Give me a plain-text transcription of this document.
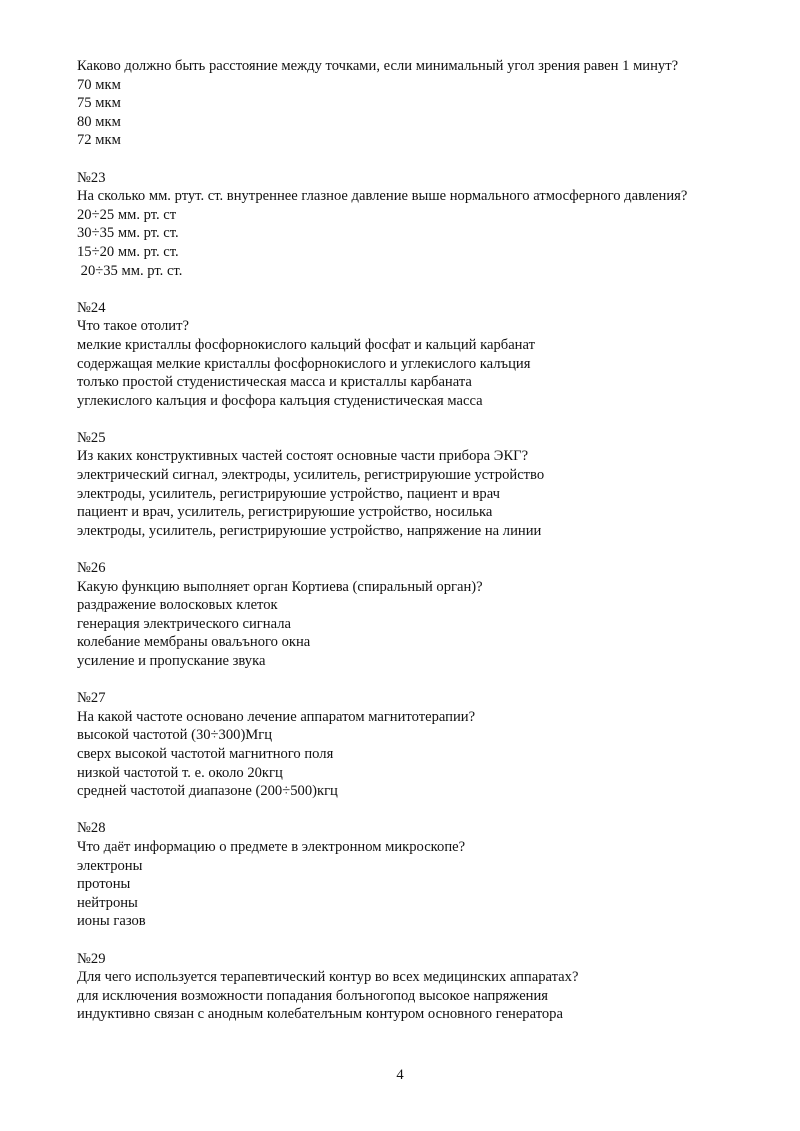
Каково должно быть расстояние между точками, если минимальный угол зрения равен 1 минут?
70 мкм
75 мкм
80 мкм
72 мкм
№23
На сколько мм. ртут. ст. внутреннее глазное давление выше нормального атмосферного давления?
20÷25 мм. рт. ст
30÷35 мм. рт. ст.
15÷20 мм. рт. ст.
20÷35 мм. рт. ст.
№24
Что такое отолит?
мелкие кристаллы фосфорнокислого кальций фосфат и кальций карбанат
содержащая мелкие кристаллы фосфорнокислого и углекислого калъция
толъко простой студенистическая масса и кристаллы карбаната
углекислого калъция и фосфора калъция студенистическая масса
№25
Из каких конструктивных частей состоят основные части прибора ЭКГ?
электрический сигнал, электроды, усилитель, регистрируюшие устройство
электроды, усилитель, регистрируюшие устройство, пациент и врач
пациент и врач, усилитель, регистрируюшие устройство, носилька
электроды, усилитель, регистрируюшие устройство, напряжение на линии
№26
Какую функцию выполняет орган Кортиева (спиральный орган)?
раздражение волосковых клеток
генерация электрического сигнала
колебание мембраны оваљъного окна
усиление и пропускание звука
№27
На какой частоте основано лечение аппаратом магнитотерапии?
высокой частотой (30÷300)Мгц
сверх высокой частотой магнитного поля
низкой частотой т. е. около 20кгц
средней частотой диапазоне (200÷500)кгц
№28
Что даёт информацию о предмете в электронном микроскопе?
электроны
протоны
нейтроны
ионы газов
№29
Для чего используется терапевтический контур во всех медицинских аппаратах?
для исключения возможности попадания болъногопод высокое напряжения
индуктивно связан с анодным колебателъным контуром основного генератора
4
